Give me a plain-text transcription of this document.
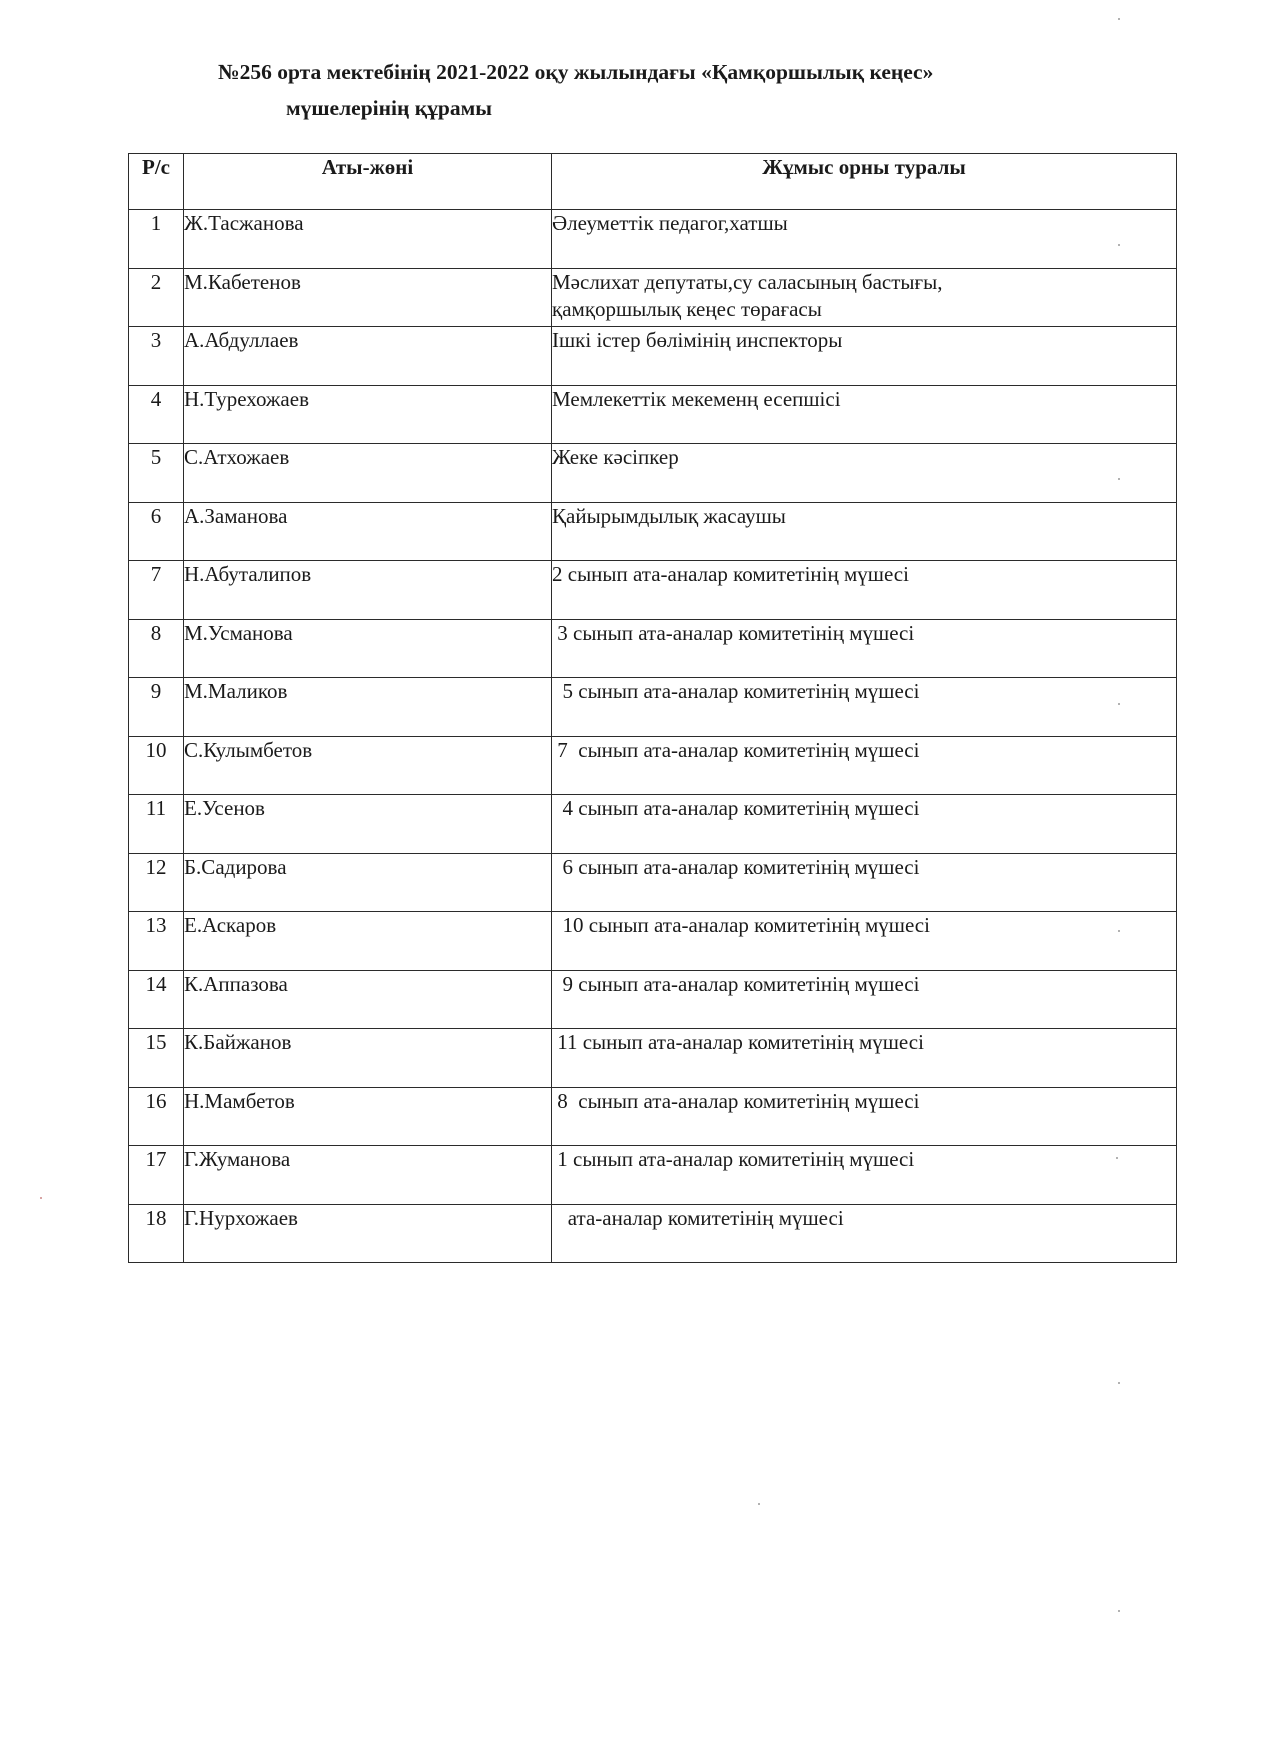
№256 орта мектебінің 2021-2022 оқу жылындағы «Қамқоршылық кеңес»
мүшелерінің құрамы
Р/с	Аты-жөні	Жұмыс орны туралы
1	Ж.Тасжанова	Әлеуметтік педагог,хатшы
2	М.Кабетенов	Мәслихат депутаты,су саласының бастығы,
қамқоршылық кеңес төрағасы
3	А.Абдуллаев	Ішкі істер бөлімінің инспекторы
4	Н.Турехожаев	Мемлекеттік мекеменң есепшісі
5	С.Атхожаев	Жеке кәсіпкер
6	А.Заманова	Қайырымдылық жасаушы
7	Н.Абуталипов	2 сынып ата-аналар комитетінің мүшесі
8	М.Усманова	3 сынып ата-аналар комитетінің мүшесі
9	М.Маликов	5 сынып ата-аналар комитетінің мүшесі
10	С.Кулымбетов	7  сынып ата-аналар комитетінің мүшесі
11	Е.Усенов	4 сынып ата-аналар комитетінің мүшесі
12	Б.Садирова	6 сынып ата-аналар комитетінің мүшесі
13	Е.Аскаров	10 сынып ата-аналар комитетінің мүшесі
14	К.Аппазова	9 сынып ата-аналар комитетінің мүшесі
15	К.Байжанов	11 сынып ата-аналар комитетінің мүшесі
16	Н.Мамбетов	8  сынып ата-аналар комитетінің мүшесі
17	Г.Жуманова	1 сынып ата-аналар комитетінің мүшесі
18	Г.Нурхожаев	ата-аналар комитетінің мүшесі
